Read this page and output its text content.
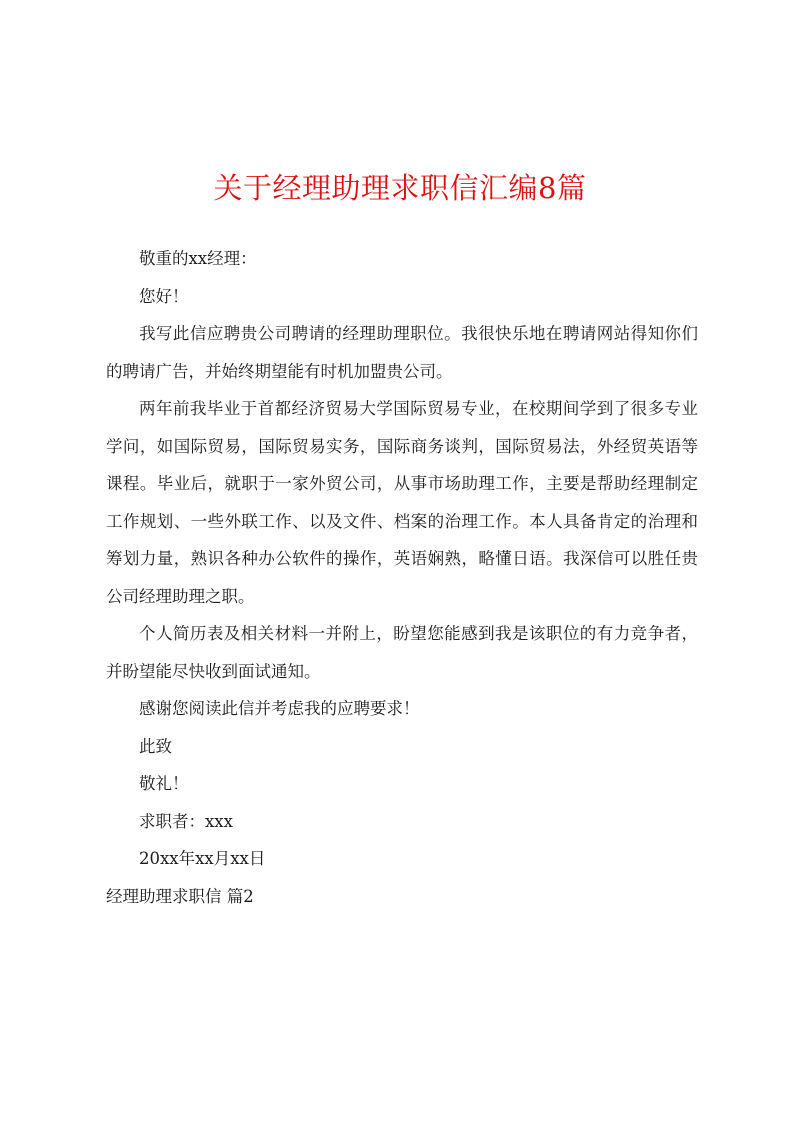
关于经理助理求职信汇编8篇

敬重的xx经理：

您好！

我写此信应聘贵公司聘请的经理助理职位。我很快乐地在聘请网站得知你们的聘请广告，并始终期望能有时机加盟贵公司。

两年前我毕业于首都经济贸易大学国际贸易专业，在校期间学到了很多专业学问，如国际贸易，国际贸易实务，国际商务谈判，国际贸易法，外经贸英语等课程。毕业后，就职于一家外贸公司，从事市场助理工作，主要是帮助经理制定工作规划、一些外联工作、以及文件、档案的治理工作。本人具备肯定的治理和筹划力量，熟识各种办公软件的操作，英语娴熟，略懂日语。我深信可以胜任贵公司经理助理之职。

个人简历表及相关材料一并附上，盼望您能感到我是该职位的有力竞争者，并盼望能尽快收到面试通知。

感谢您阅读此信并考虑我的应聘要求！

此致

敬礼！

求职者：xxx

20xx年xx月xx日

经理助理求职信 篇2
